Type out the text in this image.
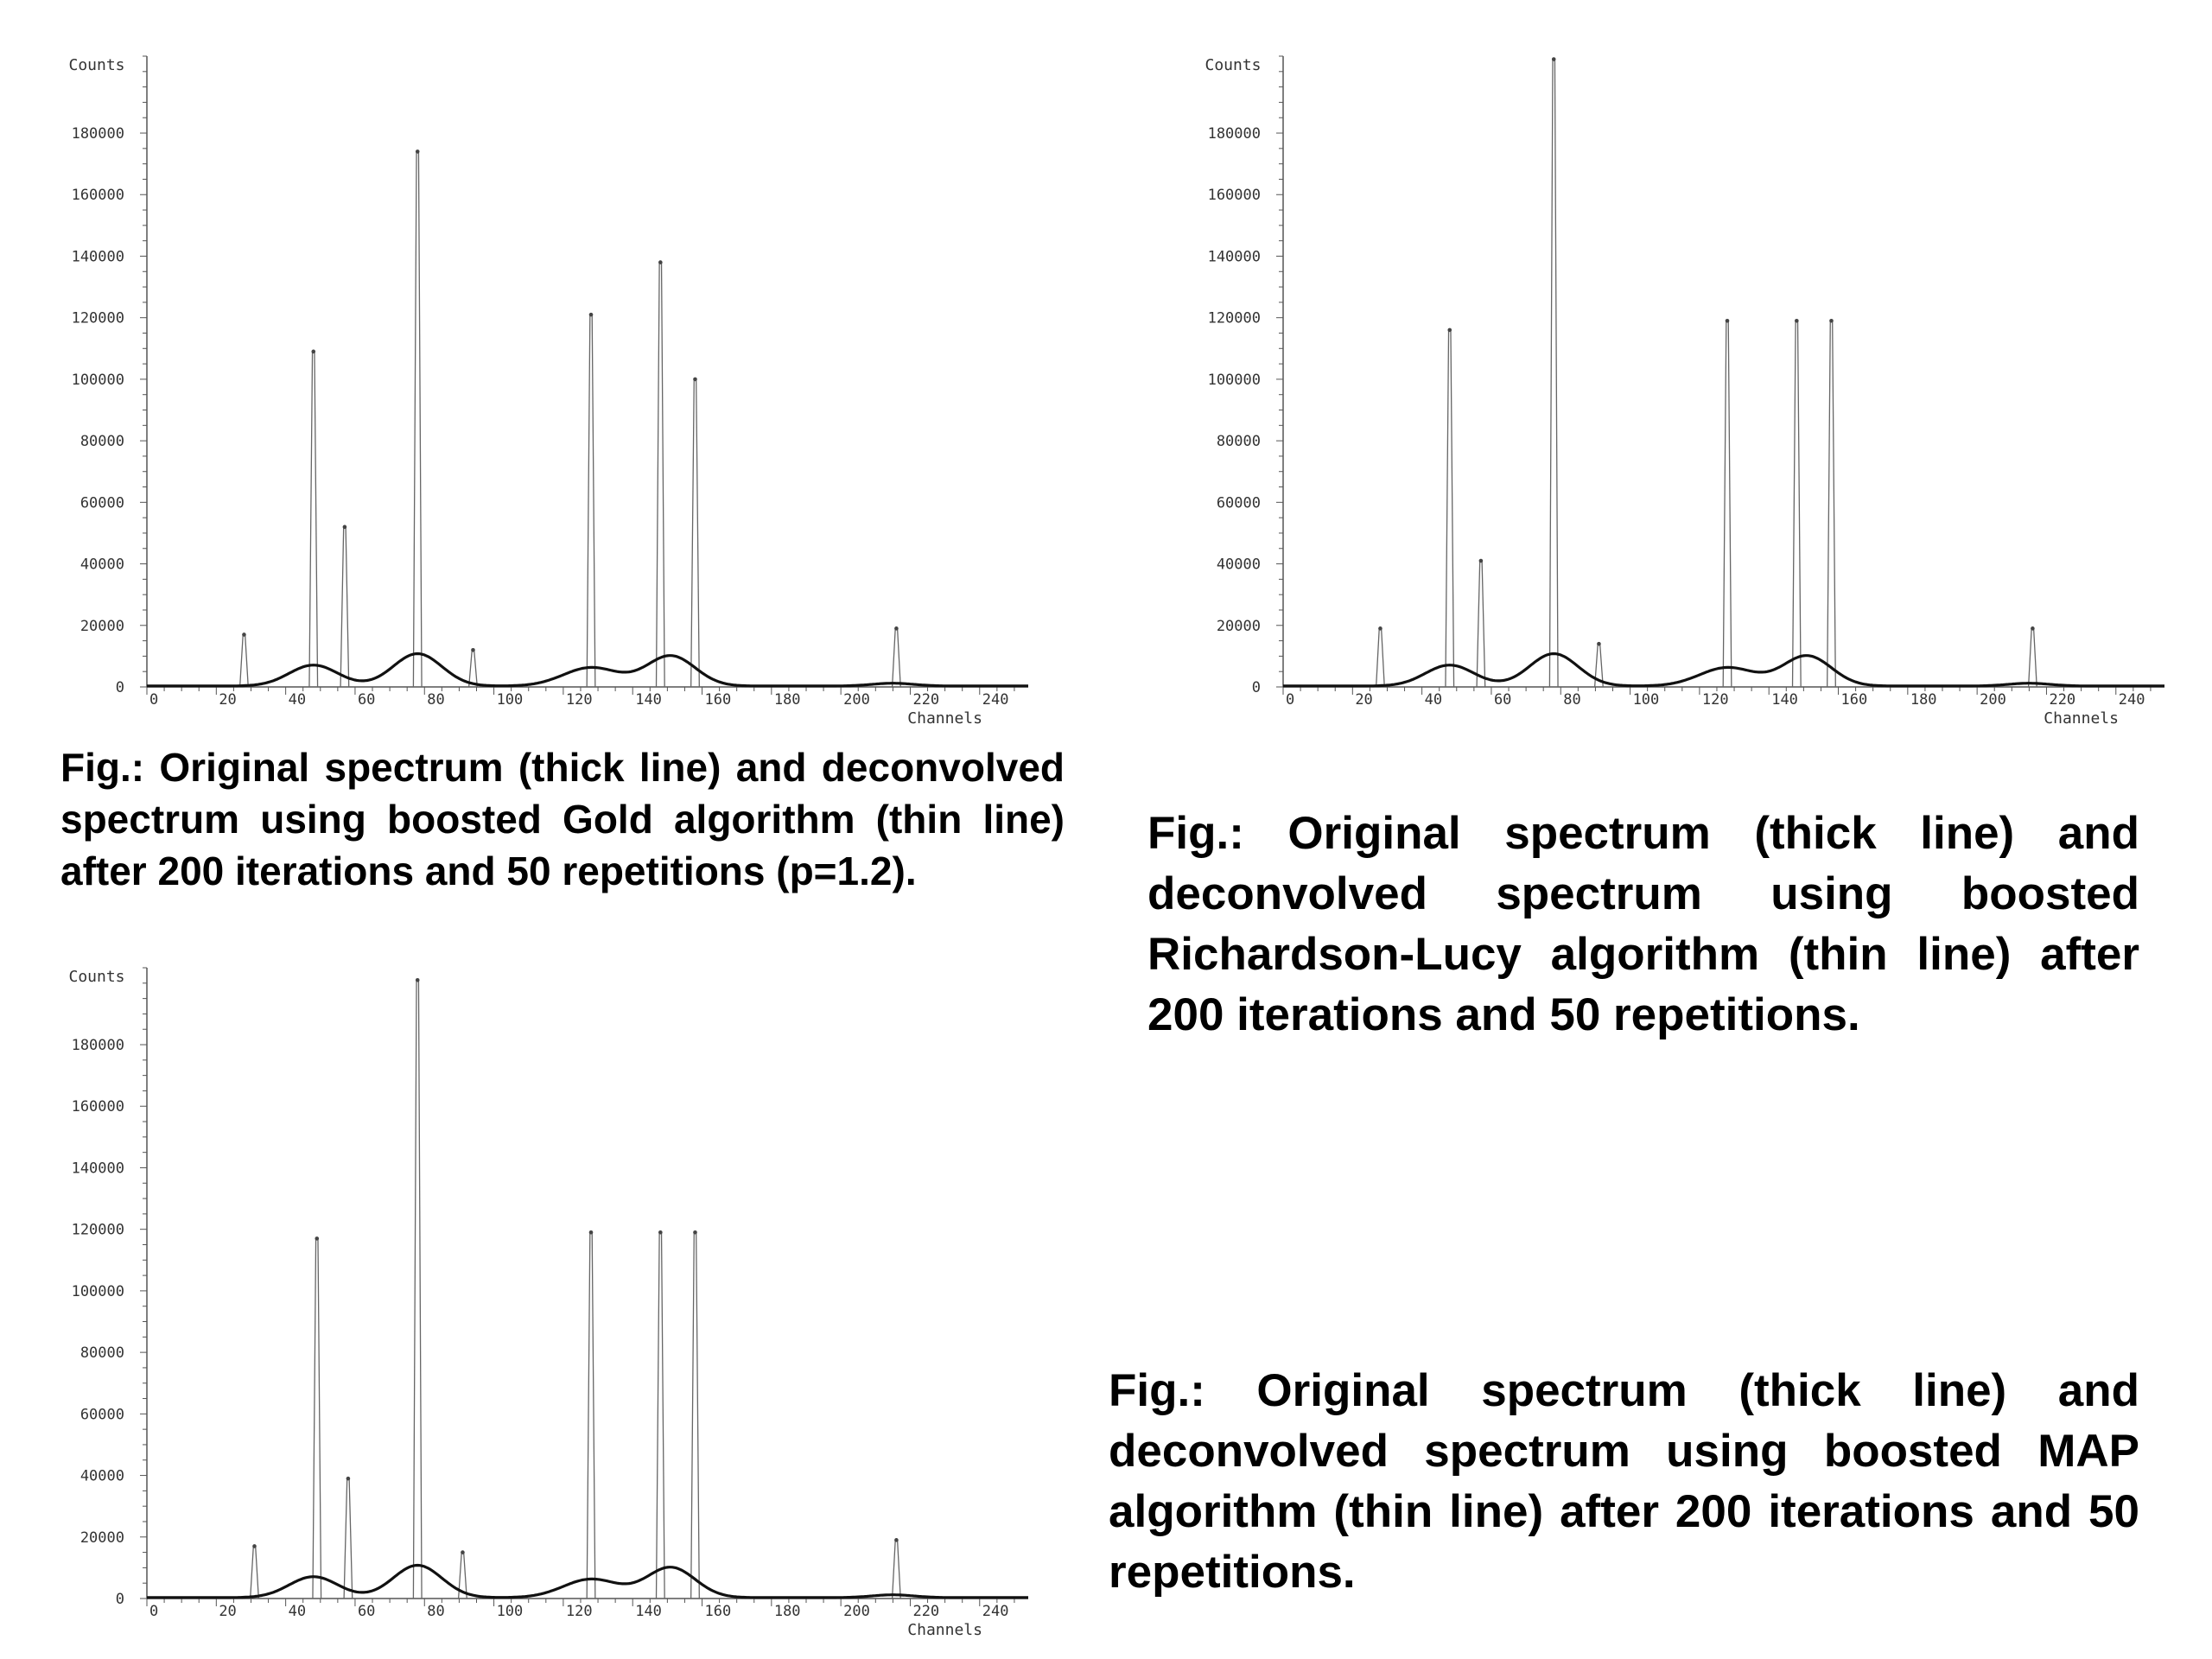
0
20000
40000
60000
80000
100000
120000
140000
160000
180000
0	20	40	60	80	100	120	140	160	180	200	220	240
Counts
Channels
0
20000
40000
60000
80000
100000
120000
140000
160000
180000
0	20	40	60	80	100	120	140	160	180	200	220	240
Counts
Channels
0
20000
40000
60000
80000
100000
120000
140000
160000
180000
0	20	40	60	80	100	120	140	160	180	200	220	240
Counts
Channels

Fig.: Original spectrum (thick line) and deconvolved spectrum using boosted Gold algorithm (thin line) after 200 iterations and 50 repetitions (p=1.2).

Fig.: Original spectrum (thick line) and deconvolved spectrum using boosted Richardson-Lucy algorithm (thin line) after 200 iterations and 50 repetitions.

Fig.: Original spectrum (thick line) and deconvolved spectrum using boosted MAP algorithm (thin line) after 200 iterations and 50 repetitions.
